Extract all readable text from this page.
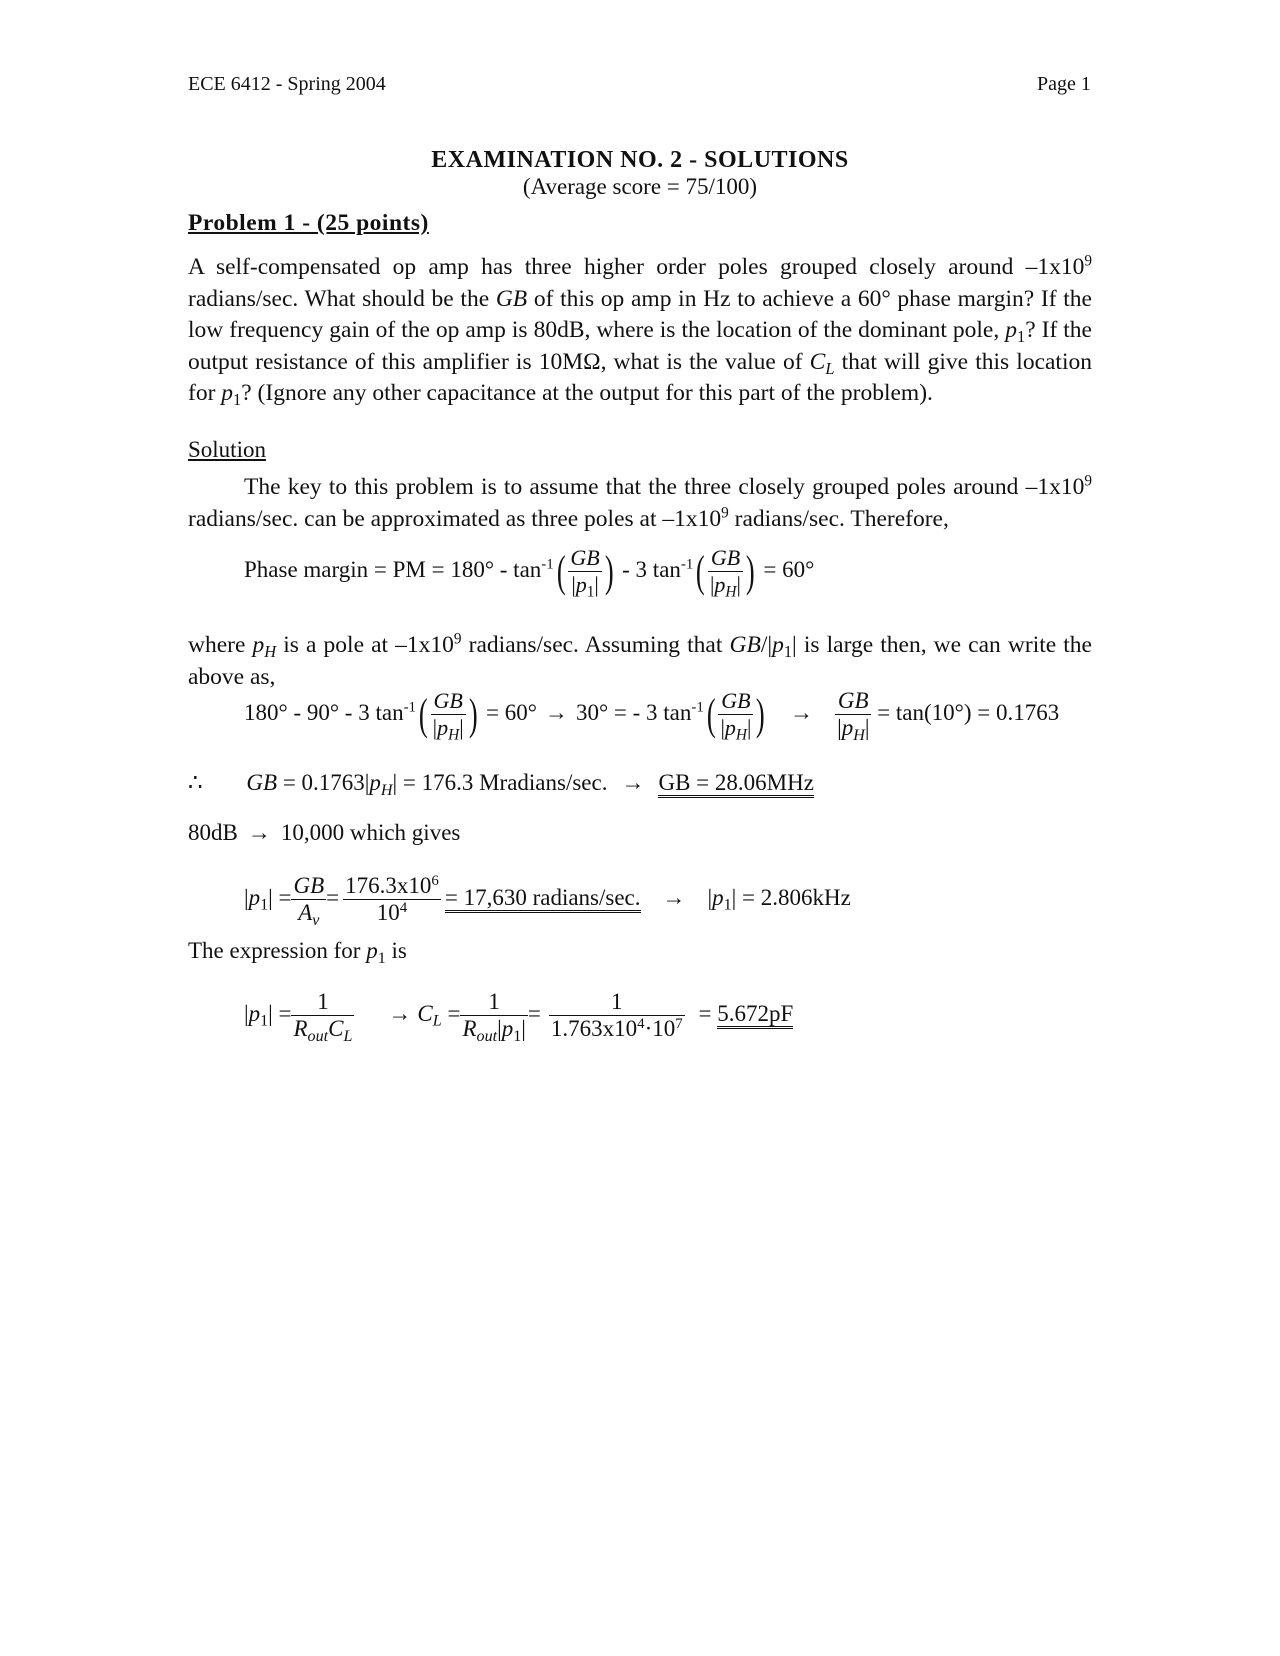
ECE 6412 - Spring 2004	Page 1
EXAMINATION NO. 2 - SOLUTIONS
(Average score = 75/100)
Problem 1 - (25 points)
A self-compensated op amp has three higher order poles grouped closely around $-1x10^9$ radians/sec. What should be the GB of this op amp in Hz to achieve a 60° phase margin? If the low frequency gain of the op amp is 80dB, where is the location of the dominant pole, $p_1$? If the output resistance of this amplifier is 10MΩ, what is the value of $C_L$ that will give this location for $p_1$? (Ignore any other capacitance at the output for this part of the problem).
Solution
The key to this problem is to assume that the three closely grouped poles around $-1x10^9$ radians/sec. can be approximated as three poles at $-1x10^9$ radians/sec. Therefore,
Phase margin = PM = $180^\circ - \tan^{-1}( \frac{GB}{|p_1|}$ ) - 3 $\tan^{-1}( \frac{GB}{|p_H|}$ ) = 60°
where $p_H$ is a pole at $-1x10^9$ radians/sec. Assuming that $GB/|p_1|$ is large then, we can write the above as,
180° - 90° - 3 $\tan^{-1}( \frac{GB}{|p_H|}$ ) = 60° → 30° = - 3 $\tan^{-1}( \frac{GB}{|p_H|}$ ) → $\frac{GB}{|p_H|} = \tan(10^\circ) = 0.1763$
∴ GB = $0.1763|p_H| = 176.3$ Mradians/sec. → GB = 28.06MHz
80dB → 10,000 which gives
$|p_1| = \frac{GB}{A_v} = \frac{176.3x10^6}{10^4} = 17,630$ radians/sec. → $|p_1| = 2.806kHz$
The expression for $p_1$ is
$|p_1| = \frac{1}{R_{out}C_L} \to C_L = \frac{1}{R_{out}|p_1|} = \frac{1}{1.763x10^4\cdot 10^7} = 5.672pF$
